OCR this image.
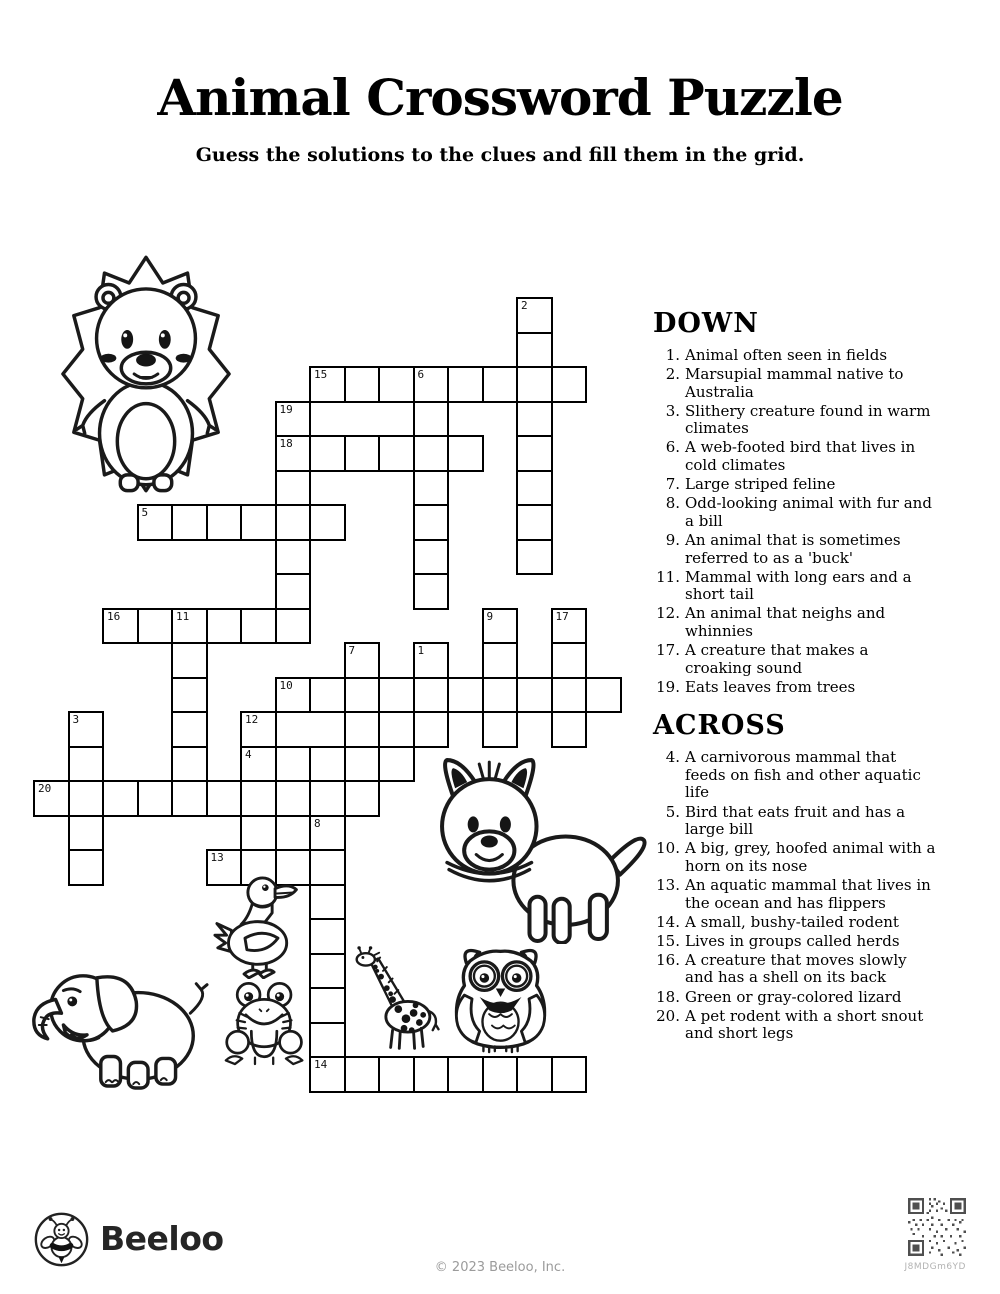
Animal Crossword Puzzle
Guess the solutions to the clues and fill them in the grid.
2
15	6
19
18
5
16	11	9	17
7	1
10
3	12
4
20
8
14
13
DOWN
1. Animal often seen in fields
2. Marsupial mammal native to Australia
3. Slithery creature found in warm climates
6. A web-footed bird that lives in cold climates
7. Large striped feline
8. Odd-looking animal with fur and a bill
9. An animal that is sometimes referred to as a 'buck'
11. Mammal with long ears and a short tail
12. An animal that neighs and whinnies
17. A creature that makes a croaking sound
19. Eats leaves from trees
ACROSS
4. A carnivorous mammal that feeds on fish and other aquatic life
5. Bird that eats fruit and has a large bill
10. A big, grey, hoofed animal with a horn on its nose
13. An aquatic mammal that lives in the ocean and has flippers
14. A small, bushy-tailed rodent
15. Lives in groups called herds
16. A creature that moves slowly and has a shell on its back
18. Green or gray-colored lizard
20. A pet rodent with a short snout and short legs
Beeloo
© 2023 Beeloo, Inc.	J8MDGm6YD
